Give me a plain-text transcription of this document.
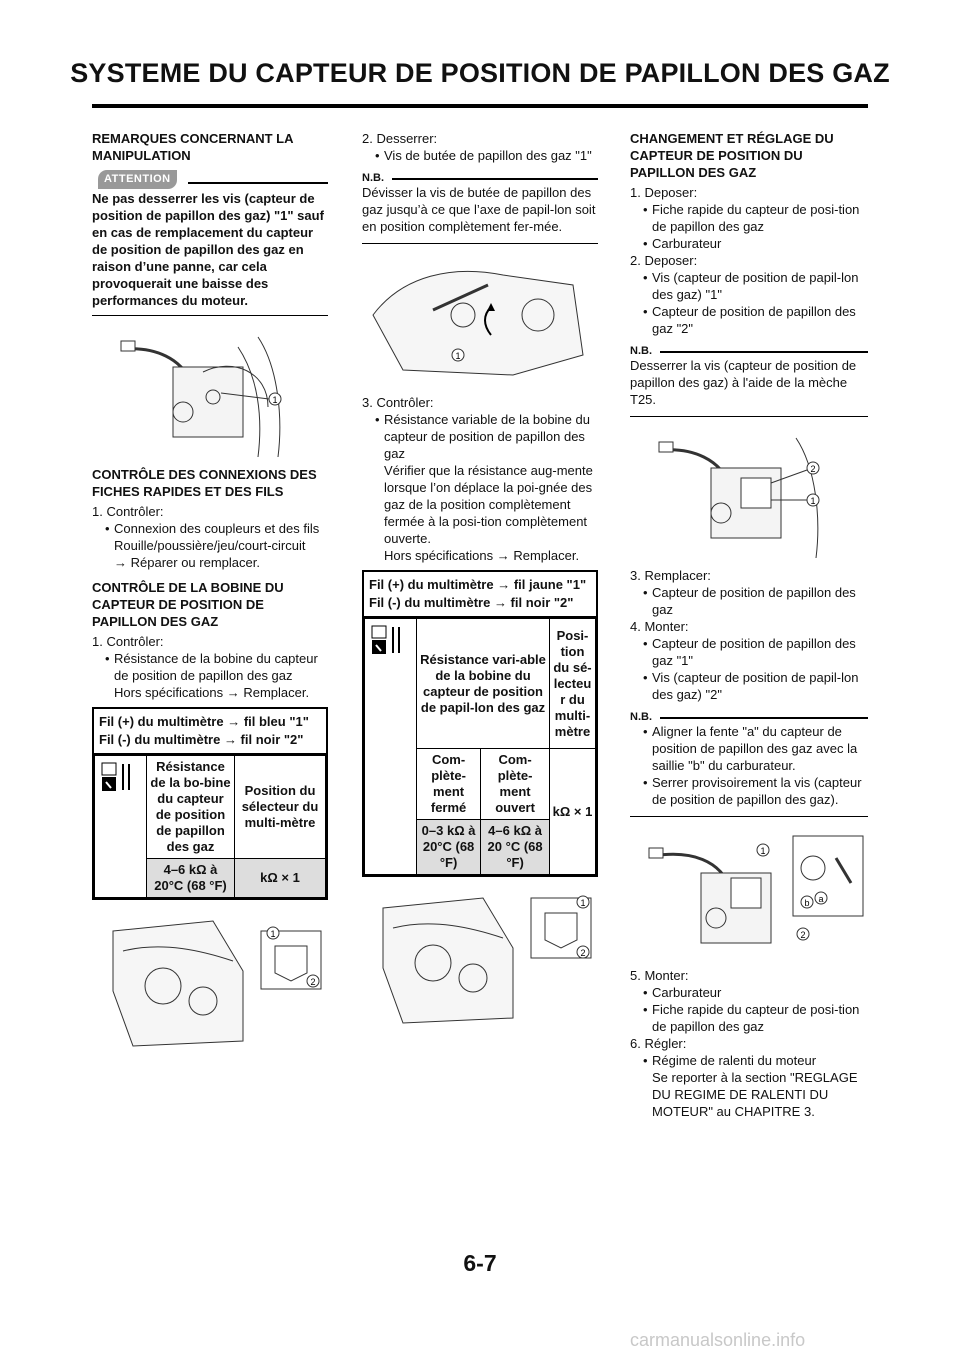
SYSTEME DU CAPTEUR DE POSITION DE PAPILLON DES GAZ
REMARQUES CONCERNANT LA MANIPULATION
ATTENTION
Ne pas desserrer les vis (capteur de position de papillon des gaz) "1" sauf en cas de remplacement du capteur de position de papillon des gaz en raison d’une panne, car cela provoquerait une baisse des performances du moteur.
1
CONTRÔLE DES CONNEXIONS DES FICHES RAPIDES ET DES FILS
1. Contrôler:
• Connexion des coupleurs et des fils
Rouille/poussière/jeu/court-circuit
→ Réparer ou remplacer.
CONTRÔLE DE LA BOBINE DU CAPTEUR DE POSITION DE PAPILLON DES GAZ
1. Contrôler:
• Résistance de la bobine du capteur de position de papillon des gaz
Hors spécifications → Remplacer.
Fil (+) du multimètre → fil bleu "1"
Fil (-) du multimètre → fil noir "2"
	Résistance de la bo-bine du capteur de position de papillon des gaz	Position du sélecteur du multi-mètre
	4–6 kΩ à 20°C (68 °F)	kΩ × 1
1
2
2. Desserrer:
• Vis de butée de papillon des gaz "1"
N.B.
Dévisser la vis de butée de papillon des gaz jusqu’à ce que l’axe de papil-lon soit en position complètement fer-mée.
1
3. Contrôler:
• Résistance variable de la bobine du capteur de position de papillon des gaz
Vérifier que la résistance aug-mente lorsque l’on déplace la poi-gnée des gaz de la position complètement fermée à la posi-tion complètement ouverte.
Hors spécifications → Remplacer.
Fil (+) du multimètre → fil jaune "1"
Fil (-) du multimètre → fil noir "2"
	Résistance vari-able de la bobine du capteur de position de papil-lon des gaz		Posi-tion du sé-lecteu r du multi-mètre
	Com-plète-ment fermé	Com-plète-ment ouvert	kΩ × 1
	0–3 kΩ à 20°C (68 °F)	4–6 kΩ à 20 °C (68 °F)	
1
2
CHANGEMENT ET RÉGLAGE DU CAPTEUR DE POSITION DU PAPILLON DES GAZ
1. Deposer:
• Fiche rapide du capteur de posi-tion de papillon des gaz
• Carburateur
2. Deposer:
• Vis (capteur de position de papil-lon des gaz) "1"
• Capteur de position de papillon des gaz "2"
N.B.
Desserrer la vis (capteur de position de papillon des gaz) à l'aide de la mèche T25.
2
1
3. Remplacer:
• Capteur de position de papillon des gaz
4. Monter:
• Capteur de position de papillon des gaz "1"
• Vis (capteur de position de papil-lon des gaz) "2"
N.B.
• Aligner la fente "a" du capteur de position de papillon des gaz avec la saillie "b" du carburateur.
• Serrer provisoirement la vis (capteur de position de papillon des gaz).
1
b a
2
5. Monter:
• Carburateur
• Fiche rapide du capteur de posi-tion de papillon des gaz
6. Régler:
• Régime de ralenti du moteur
Se reporter à la section "REGLAGE DU REGIME DE RALENTI DU MOTEUR" au CHAPITRE 3.
6-7
carmanualsonline.info
